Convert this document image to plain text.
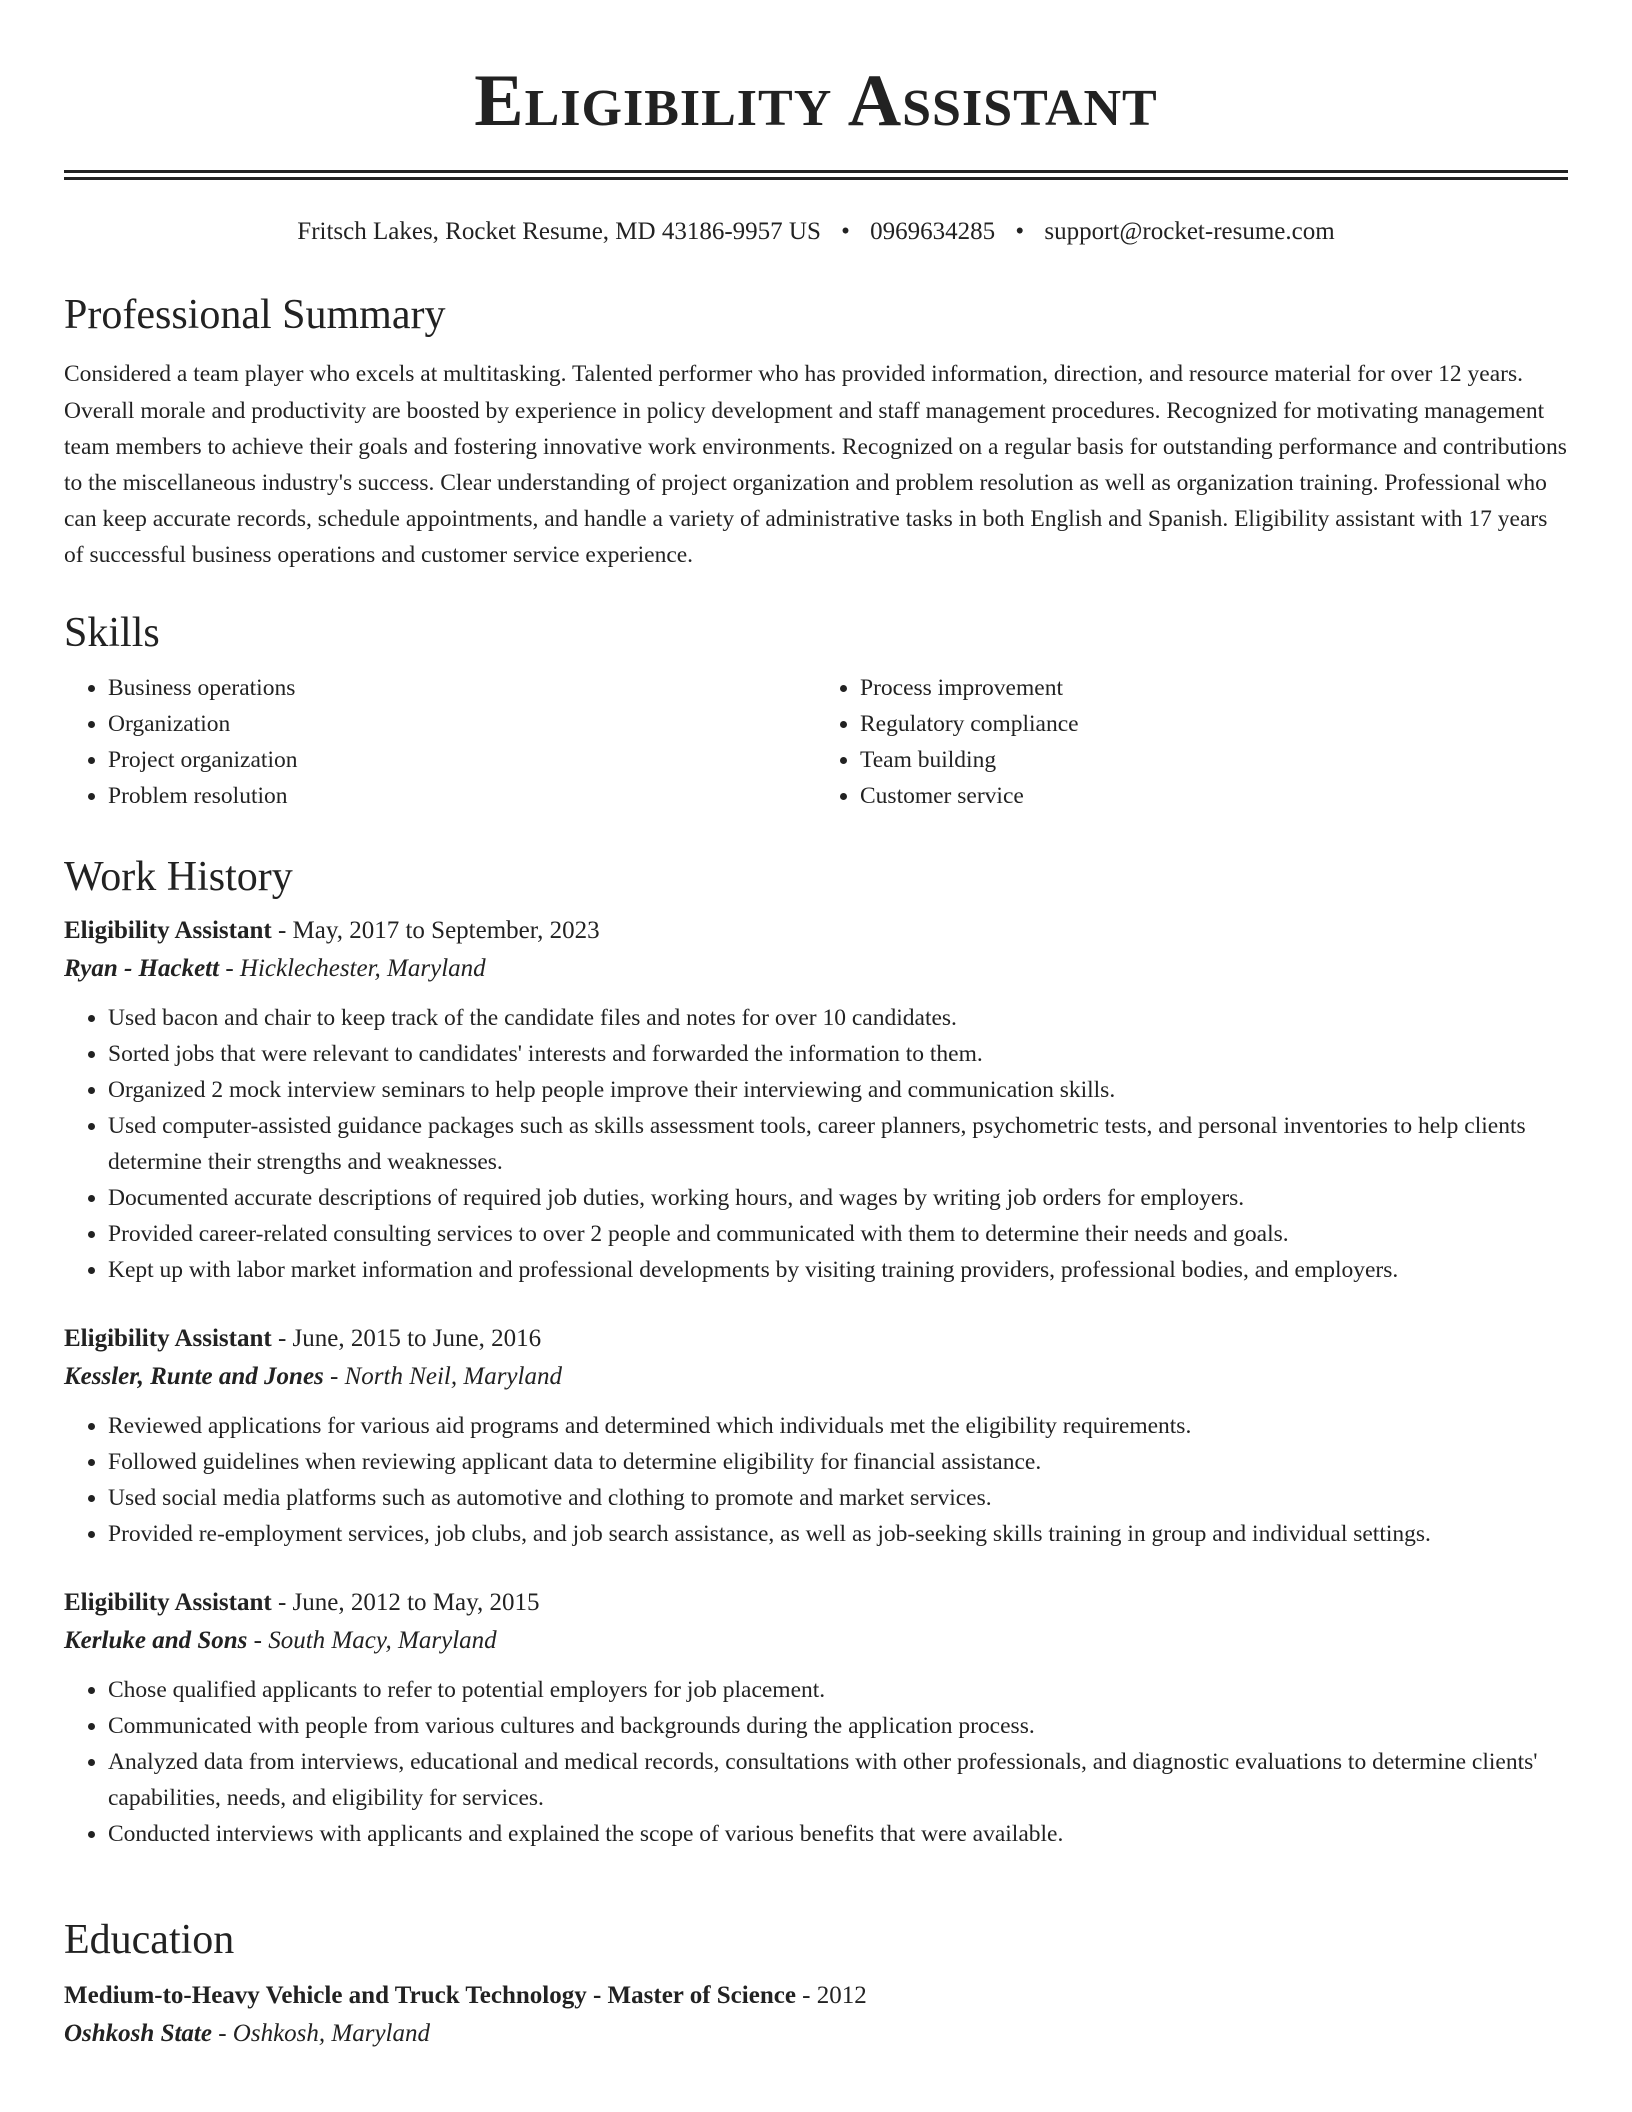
Eligibility Assistant
Fritsch Lakes, Rocket Resume, MD 43186-9957 US • 0969634285 • support@rocket-resume.com
Professional Summary

Considered a team player who excels at multitasking. Talented performer who has provided information, direction, and resource material for over 12 years. Overall morale and productivity are boosted by experience in policy development and staff management procedures. Recognized for motivating management team members to achieve their goals and fostering innovative work environments. Recognized on a regular basis for outstanding performance and contributions to the miscellaneous industry's success. Clear understanding of project organization and problem resolution as well as organization training. Professional who can keep accurate records, schedule appointments, and handle a variety of administrative tasks in both English and Spanish. Eligibility assistant with 17 years of successful business operations and customer service experience.

Skills
• Business operations
• Organization
• Project organization
• Problem resolution
• Process improvement
• Regulatory compliance
• Team building
• Customer service
Work History
Eligibility Assistant - May, 2017 to September, 2023
Ryan - Hackett - Hicklechester, Maryland
• Used bacon and chair to keep track of the candidate files and notes for over 10 candidates.
• Sorted jobs that were relevant to candidates' interests and forwarded the information to them.
• Organized 2 mock interview seminars to help people improve their interviewing and communication skills.
• Used computer-assisted guidance packages such as skills assessment tools, career planners, psychometric tests, and personal inventories to help clients determine their strengths and weaknesses.
• Documented accurate descriptions of required job duties, working hours, and wages by writing job orders for employers.
• Provided career-related consulting services to over 2 people and communicated with them to determine their needs and goals.
• Kept up with labor market information and professional developments by visiting training providers, professional bodies, and employers.
Eligibility Assistant - June, 2015 to June, 2016
Kessler, Runte and Jones - North Neil, Maryland
• Reviewed applications for various aid programs and determined which individuals met the eligibility requirements.
• Followed guidelines when reviewing applicant data to determine eligibility for financial assistance.
• Used social media platforms such as automotive and clothing to promote and market services.
• Provided re-employment services, job clubs, and job search assistance, as well as job-seeking skills training in group and individual settings.
Eligibility Assistant - June, 2012 to May, 2015
Kerluke and Sons - South Macy, Maryland
• Chose qualified applicants to refer to potential employers for job placement.
• Communicated with people from various cultures and backgrounds during the application process.
• Analyzed data from interviews, educational and medical records, consultations with other professionals, and diagnostic evaluations to determine clients' capabilities, needs, and eligibility for services.
• Conducted interviews with applicants and explained the scope of various benefits that were available.
Education
Medium-to-Heavy Vehicle and Truck Technology - Master of Science - 2012
Oshkosh State - Oshkosh, Maryland
